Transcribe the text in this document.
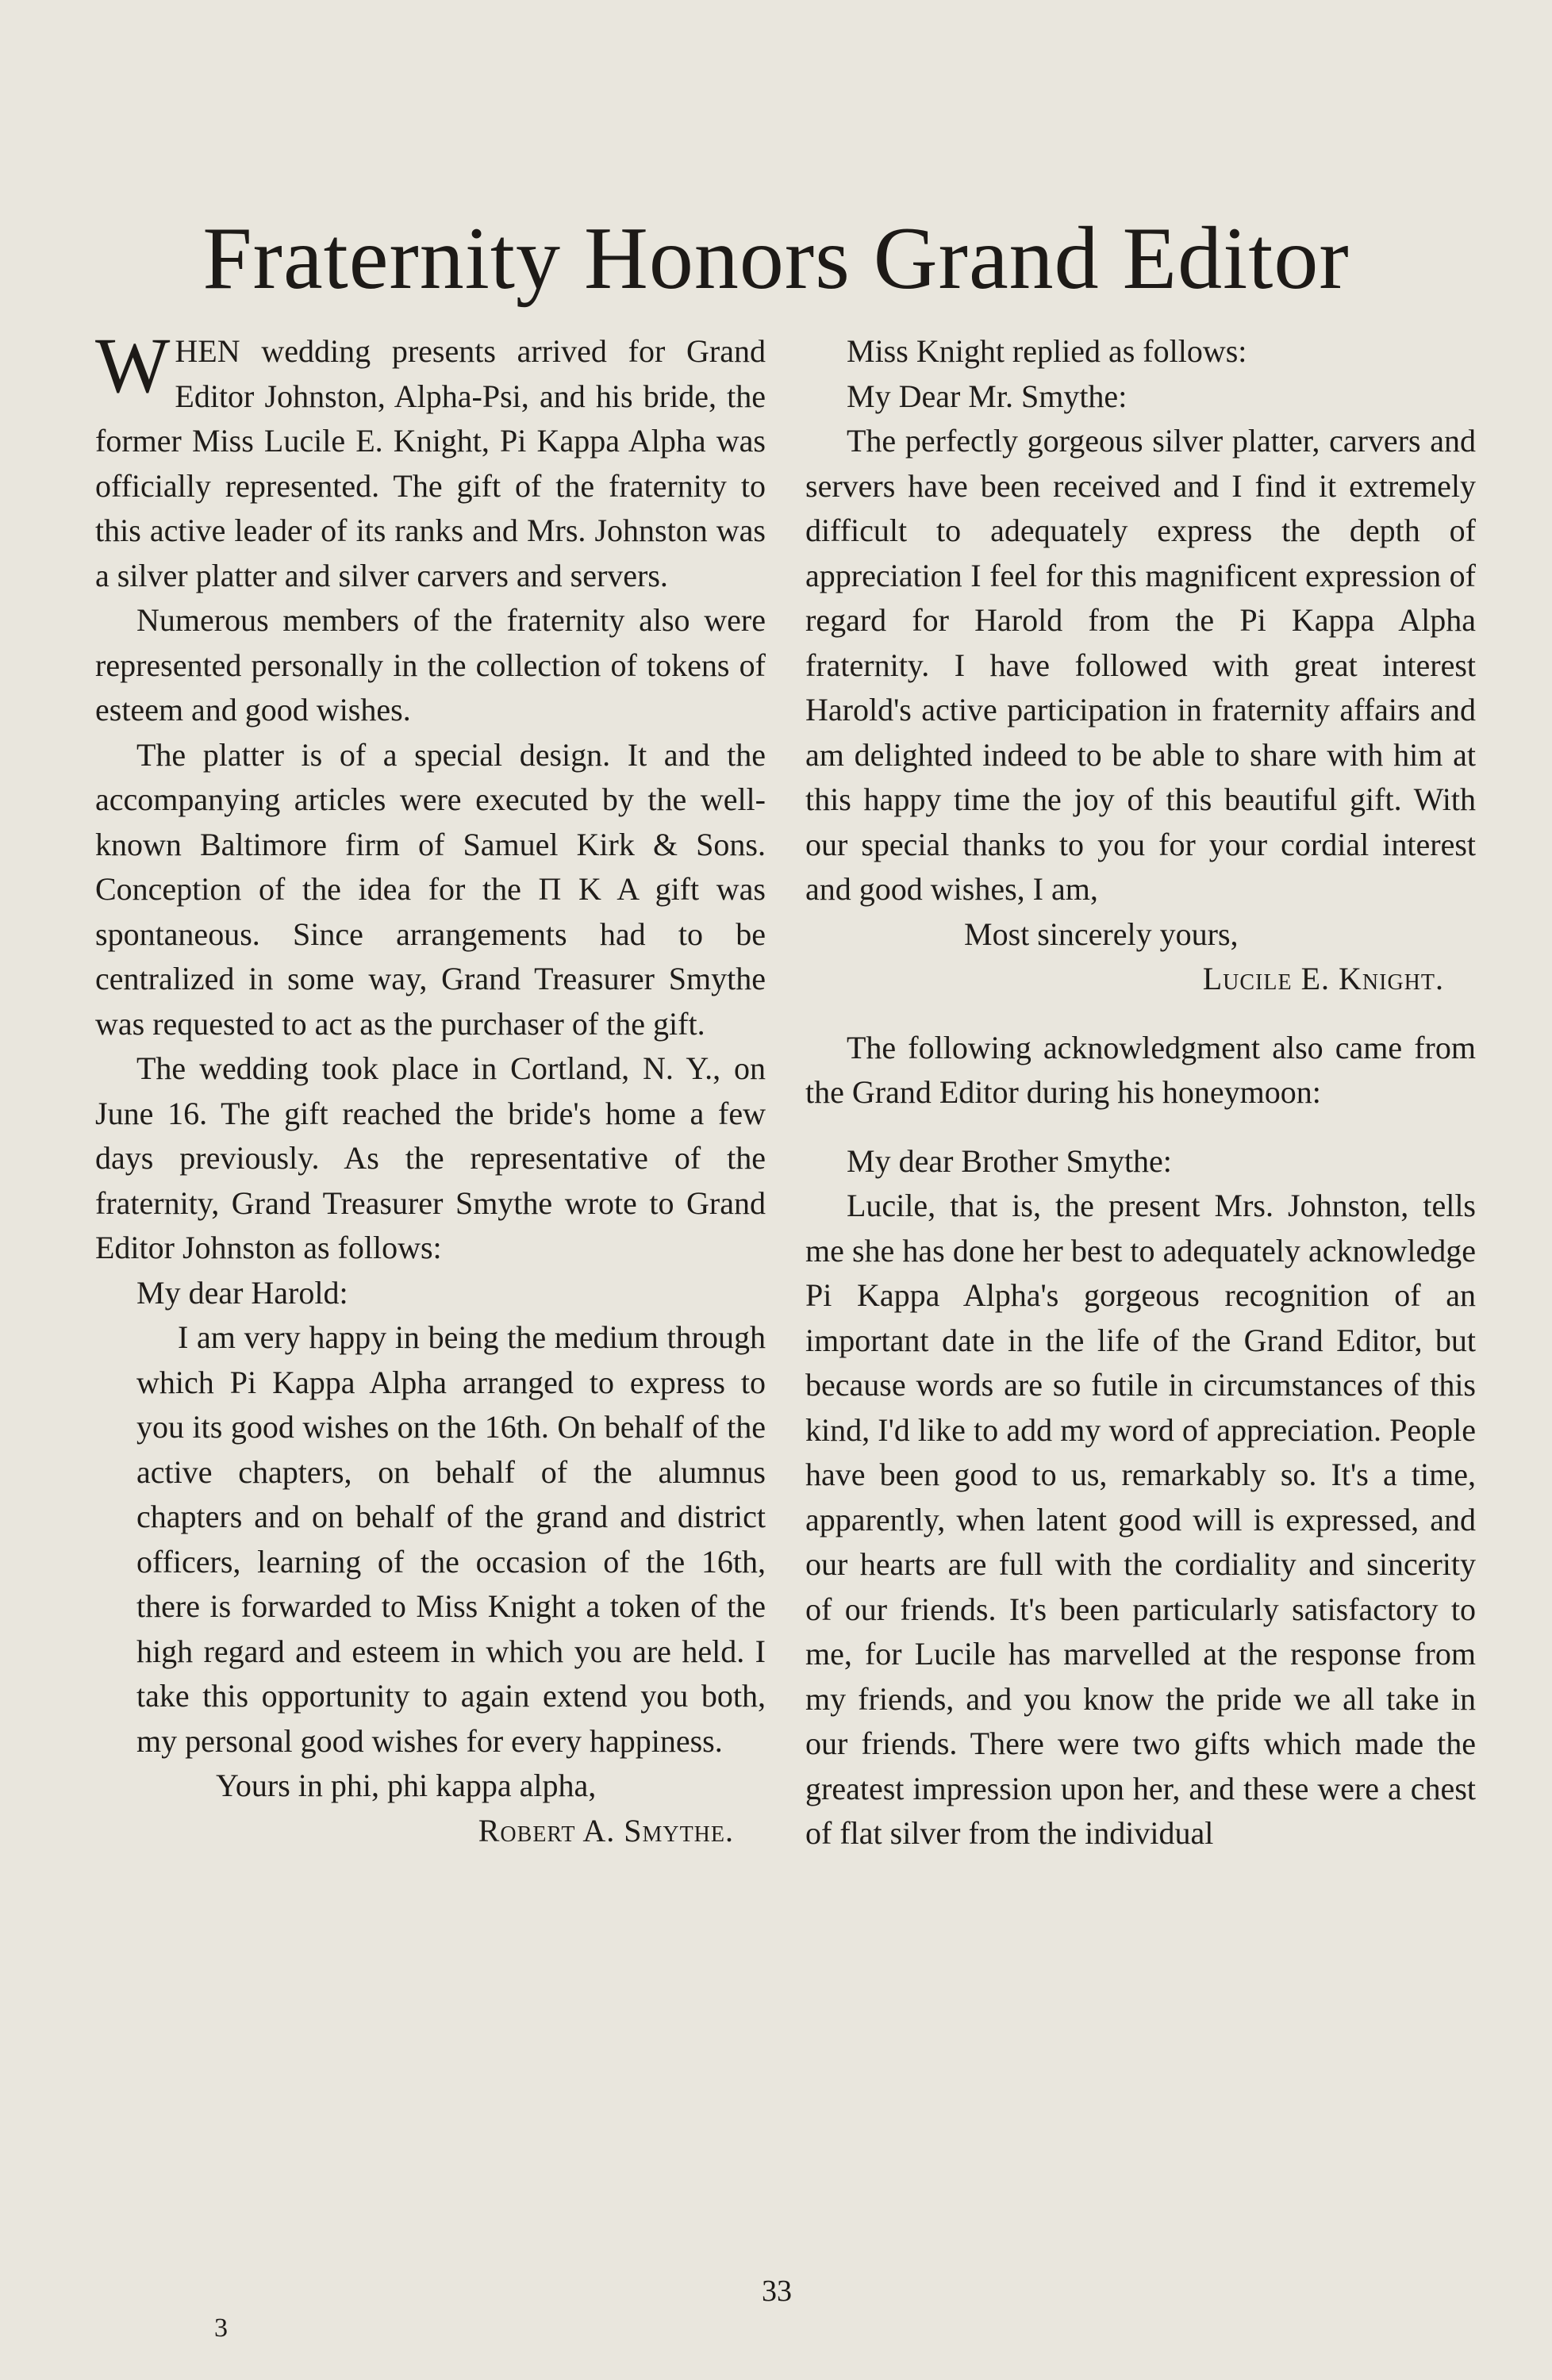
Fraternity Honors Grand Editor

WHEN wedding presents arrived for Grand Editor Johnston, Alpha-Psi, and his bride, the former Miss Lucile E. Knight, Pi Kappa Alpha was officially represented. The gift of the fraternity to this active leader of its ranks and Mrs. Johnston was a silver platter and silver carvers and servers.

Numerous members of the fraternity also were represented personally in the collection of tokens of esteem and good wishes.

The platter is of a special design. It and the accompanying articles were executed by the well-known Baltimore firm of Samuel Kirk & Sons. Conception of the idea for the Π K A gift was spontaneous. Since arrangements had to be centralized in some way, Grand Treasurer Smythe was requested to act as the purchaser of the gift.

The wedding took place in Cortland, N. Y., on June 16. The gift reached the bride's home a few days previously. As the representative of the fraternity, Grand Treasurer Smythe wrote to Grand Editor Johnston as follows:

My dear Harold:

I am very happy in being the medium through which Pi Kappa Alpha arranged to express to you its good wishes on the 16th. On behalf of the active chapters, on behalf of the alumnus chapters and on behalf of the grand and district officers, learning of the occasion of the 16th, there is forwarded to Miss Knight a token of the high regard and esteem in which you are held. I take this opportunity to again extend you both, my personal good wishes for every happiness.

Yours in phi, phi kappa alpha,

Robert A. Smythe.

Miss Knight replied as follows:

My Dear Mr. Smythe:

The perfectly gorgeous silver platter, carvers and servers have been received and I find it extremely difficult to adequately express the depth of appreciation I feel for this magnificent expression of regard for Harold from the Pi Kappa Alpha fraternity. I have followed with great interest Harold's active participation in fraternity affairs and am delighted indeed to be able to share with him at this happy time the joy of this beautiful gift. With our special thanks to you for your cordial interest and good wishes, I am,

Most sincerely yours,

Lucile E. Knight.

The following acknowledgment also came from the Grand Editor during his honeymoon:

My dear Brother Smythe:

Lucile, that is, the present Mrs. Johnston, tells me she has done her best to adequately acknowledge Pi Kappa Alpha's gorgeous recognition of an important date in the life of the Grand Editor, but because words are so futile in circumstances of this kind, I'd like to add my word of appreciation. People have been good to us, remarkably so. It's a time, apparently, when latent good will is expressed, and our hearts are full with the cordiality and sincerity of our friends. It's been particularly satisfactory to me, for Lucile has marvelled at the response from my friends, and you know the pride we all take in our friends. There were two gifts which made the greatest impression upon her, and these were a chest of flat silver from the individual

33
3
